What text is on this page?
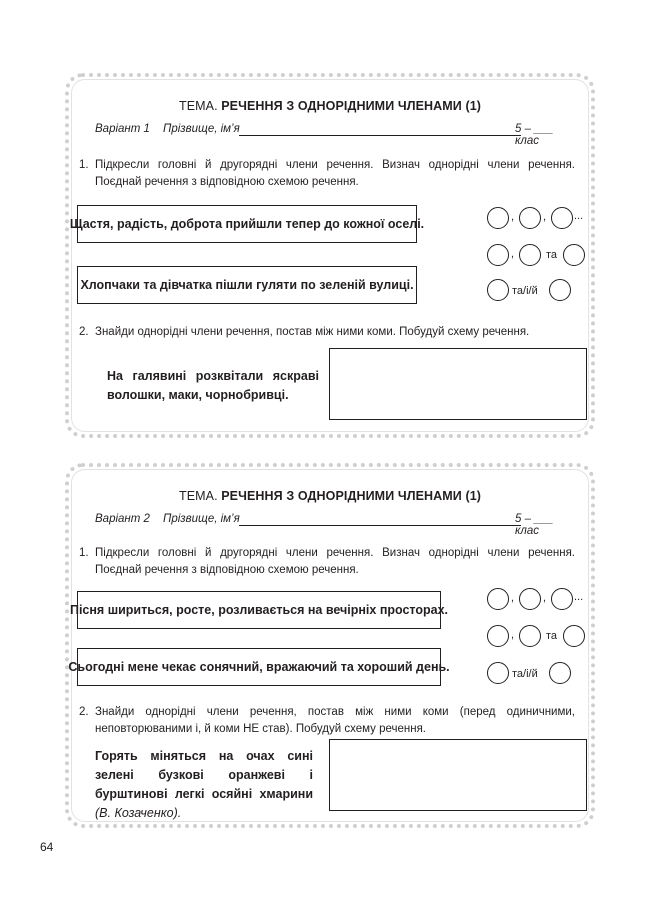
ТЕМА. РЕЧЕННЯ З ОДНОРІДНИМИ ЧЛЕНАМИ (1)
Варіант 1 Прізвище, ім’я	5 – ___ клас
1. Підкресли головні й другорядні члени речення. Визнач однорідні члени речення. Поєднай речення з відповідною схемою речення.
Щастя, радість, доброта прийшли тепер до кожної оселі.
Хлопчаки та дівчатка пішли гуляти по зеленій вулиці.
,	,	...
,	та
та/і/й
2. Знайди однорідні члени речення, постав між ними коми. Побудуй схему речення.
На галявині розквітали яскраві волошки, маки, чорнобривці.
ТЕМА. РЕЧЕННЯ З ОДНОРІДНИМИ ЧЛЕНАМИ (1)
Варіант 2 Прізвище, ім’я	5 – ___ клас
1. Підкресли головні й другорядні члени речення. Визнач однорідні члени речення. Поєднай речення з відповідною схемою речення.
Пісня шириться, росте, розливається на вечірніх просторах.
Сьогодні мене чекає сонячний, вражаючий та хороший день.
,	,	...
,	та
та/і/й
2. Знайди однорідні члени речення, постав між ними коми (перед одиничними, неповторюваними і, й коми НЕ став). Побудуй схему речення.
Горять міняться на очах сині зелені бузкові оранжеві і бурштинові легкі осяйні хмарини (В. Козаченко).
64
